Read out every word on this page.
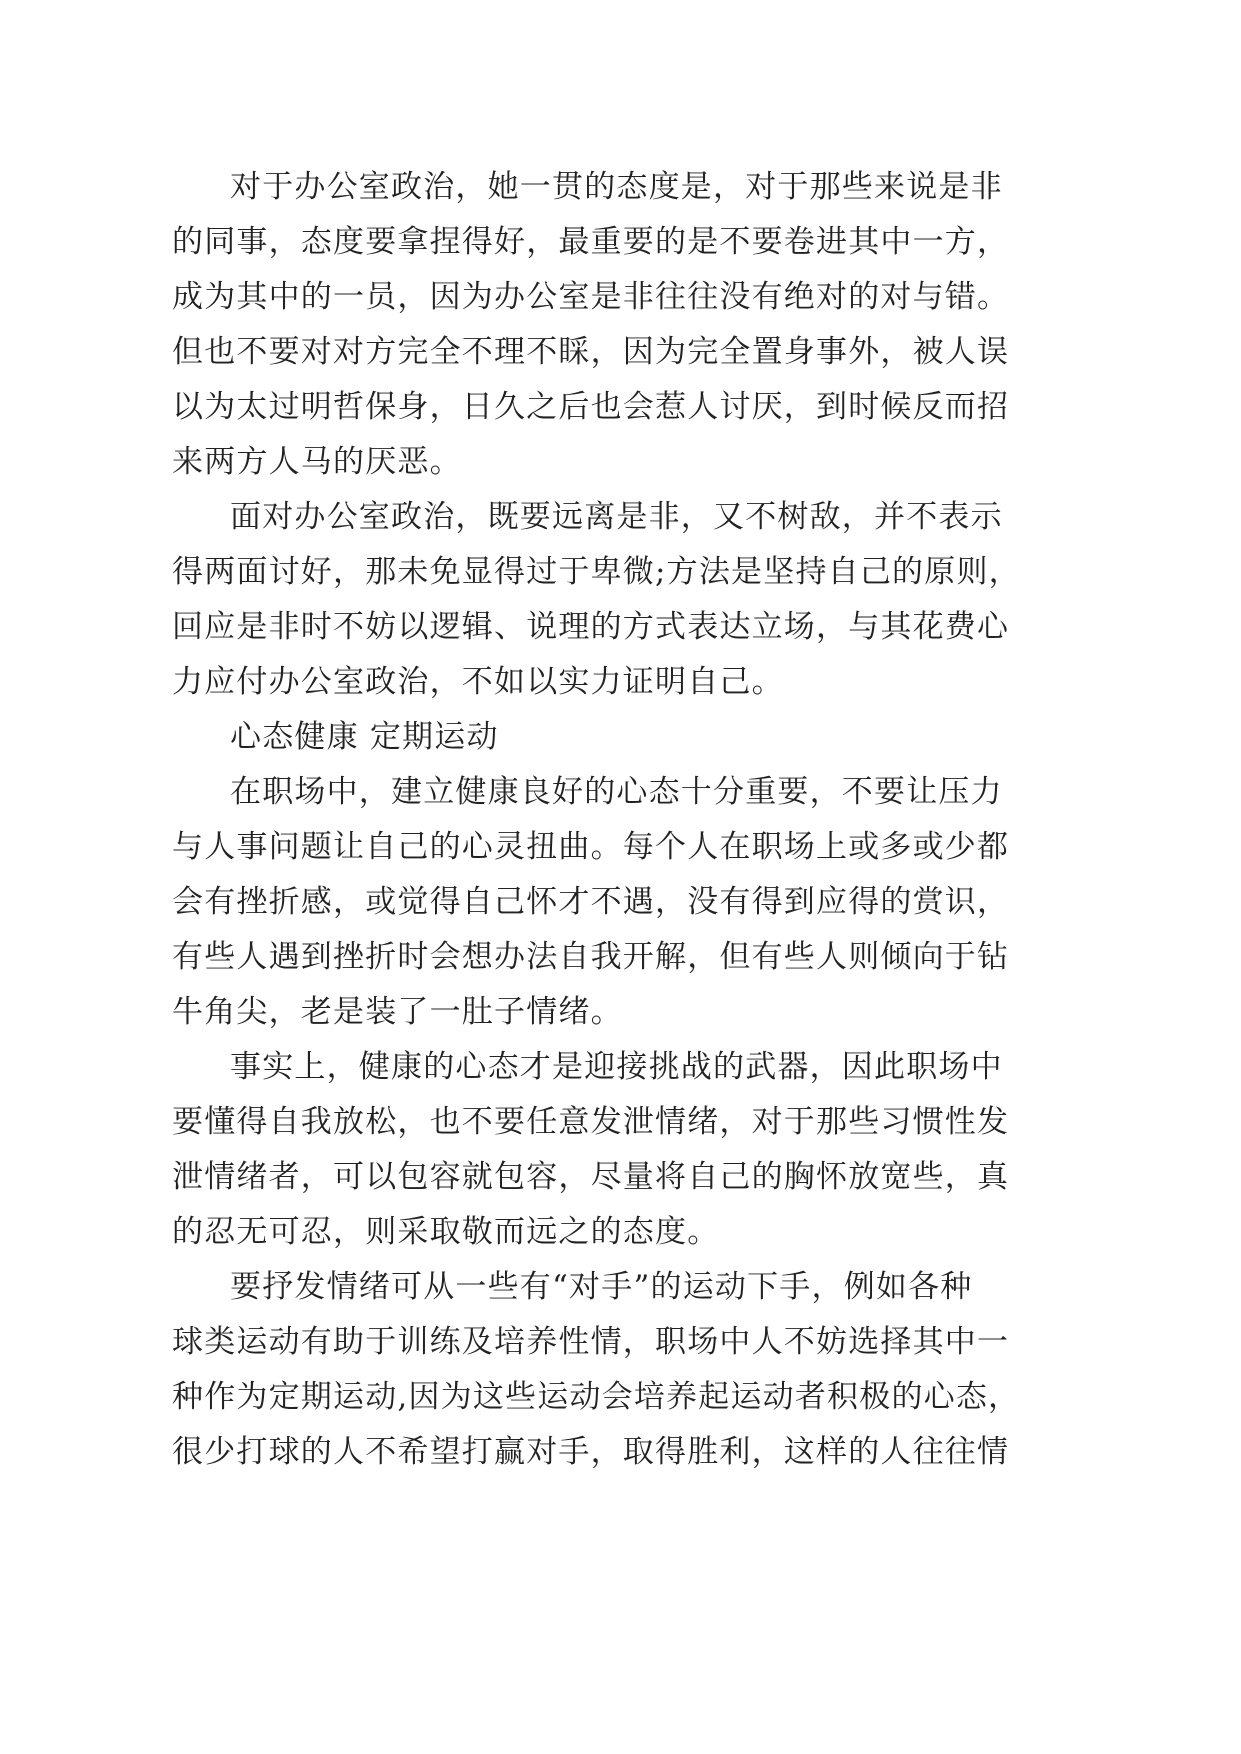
对于办公室政治，她一贯的态度是，对于那些来说是非
的同事，态度要拿捏得好，最重要的是不要卷进其中一方，
成为其中的一员，因为办公室是非往往没有绝对的对与错。
但也不要对对方完全不理不睬，因为完全置身事外，被人误
以为太过明哲保身，日久之后也会惹人讨厌，到时候反而招
来两方人马的厌恶。
面对办公室政治，既要远离是非，又不树敌，并不表示
得两面讨好，那未免显得过于卑微;方法是坚持自己的原则，
回应是非时不妨以逻辑、说理的方式表达立场，与其花费心
力应付办公室政治，不如以实力证明自己。
心态健康 定期运动
在职场中，建立健康良好的心态十分重要，不要让压力
与人事问题让自己的心灵扭曲。每个人在职场上或多或少都
会有挫折感，或觉得自己怀才不遇，没有得到应得的赏识，
有些人遇到挫折时会想办法自我开解，但有些人则倾向于钻
牛角尖，老是装了一肚子情绪。
事实上，健康的心态才是迎接挑战的武器，因此职场中
要懂得自我放松，也不要任意发泄情绪，对于那些习惯性发
泄情绪者，可以包容就包容，尽量将自己的胸怀放宽些，真
的忍无可忍，则采取敬而远之的态度。
要抒发情绪可从一些有“对手”的运动下手，例如各种
球类运动有助于训练及培养性情，职场中人不妨选择其中一
种作为定期运动,因为这些运动会培养起运动者积极的心态，
很少打球的人不希望打赢对手，取得胜利，这样的人往往情
